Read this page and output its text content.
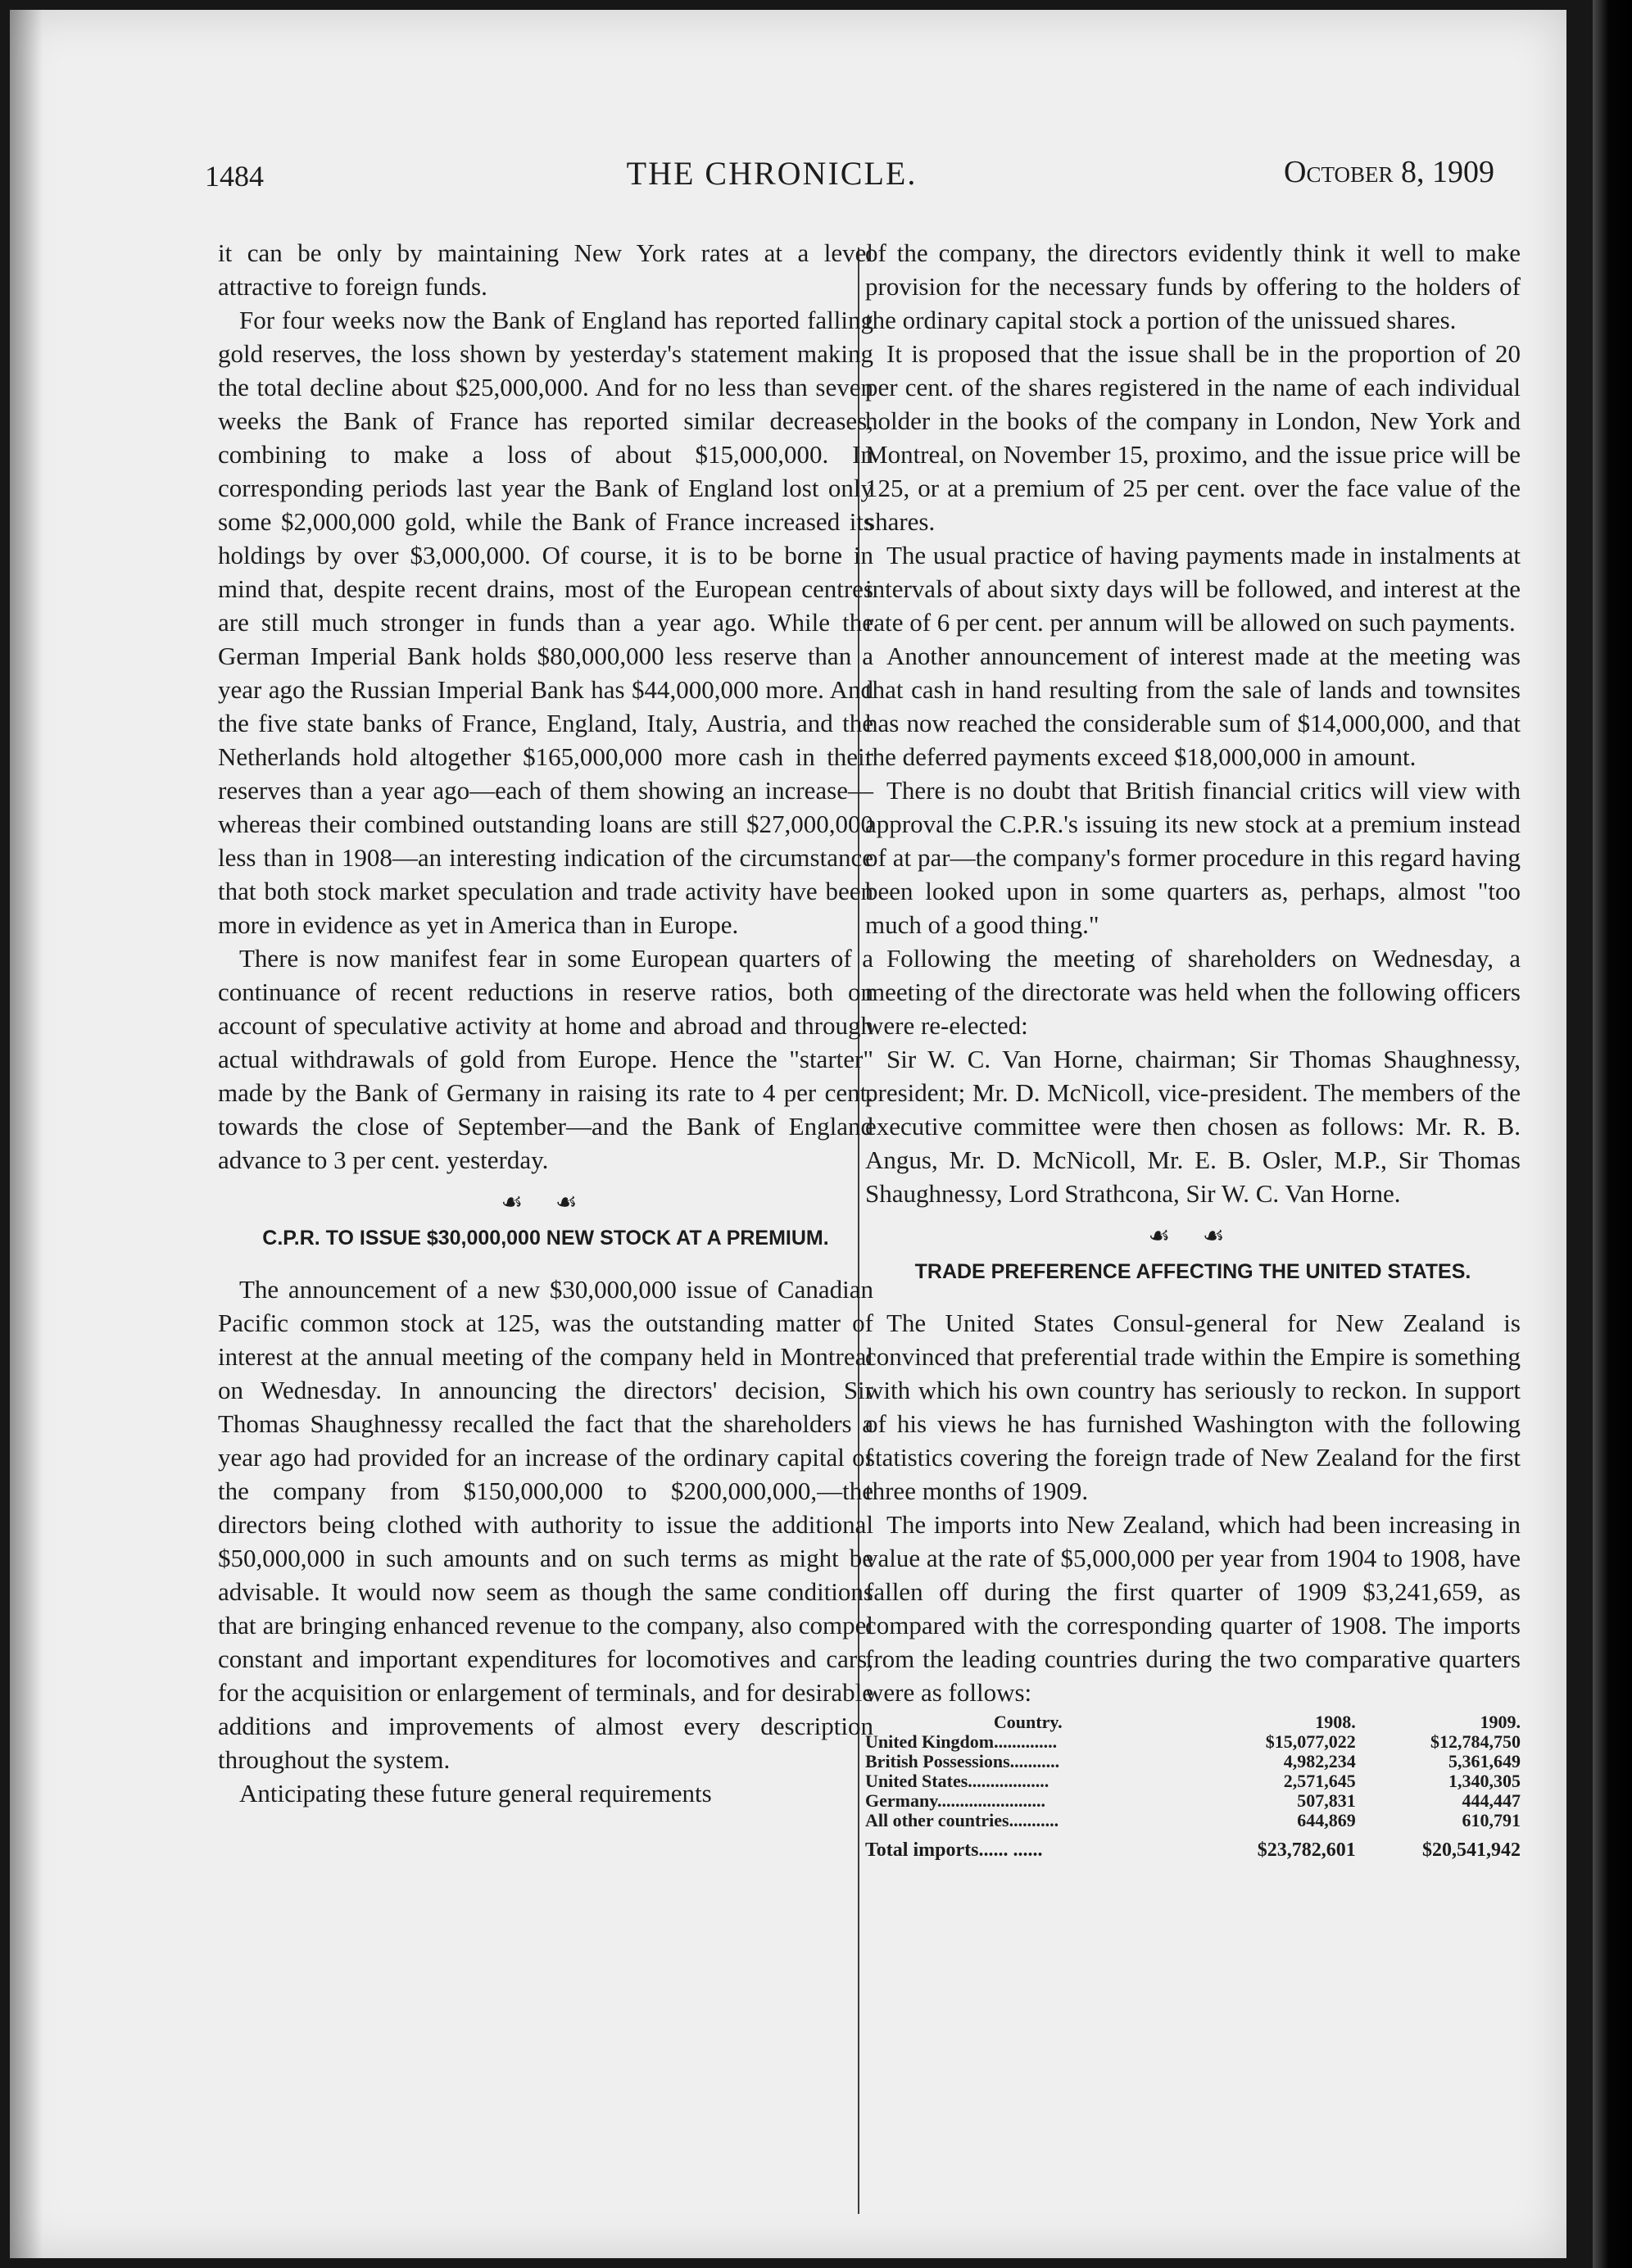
1484	THE CHRONICLE.	October 8, 1909

it can be only by maintaining New York rates at a level attractive to foreign funds.

For four weeks now the Bank of England has reported falling gold reserves, the loss shown by yesterday's statement making the total decline about $25,000,000. And for no less than seven weeks the Bank of France has reported similar decreases, combining to make a loss of about $15,000,000. In corresponding periods last year the Bank of England lost only some $2,000,000 gold, while the Bank of France increased its holdings by over $3,000,000. Of course, it is to be borne in mind that, despite recent drains, most of the European centres are still much stronger in funds than a year ago. While the German Imperial Bank holds $80,000,000 less reserve than a year ago the Russian Imperial Bank has $44,000,000 more. And the five state banks of France, England, Italy, Austria, and the Netherlands hold altogether $165,000,000 more cash in their reserves than a year ago—each of them showing an increase—whereas their combined outstanding loans are still $27,000,000 less than in 1908—an interesting indication of the circumstance that both stock market speculation and trade activity have been more in evidence as yet in America than in Europe.

There is now manifest fear in some European quarters of a continuance of recent reductions in reserve ratios, both on account of speculative activity at home and abroad and through actual withdrawals of gold from Europe. Hence the "starter" made by the Bank of Germany in raising its rate to 4 per cent. towards the close of September—and the Bank of England advance to 3 per cent. yesterday.

☙ ☙
C.P.R. TO ISSUE $30,000,000 NEW STOCK AT A PREMIUM.

The announcement of a new $30,000,000 issue of Canadian Pacific common stock at 125, was the outstanding matter of interest at the annual meeting of the company held in Montreal on Wednesday. In announcing the directors' decision, Sir Thomas Shaughnessy recalled the fact that the shareholders a year ago had provided for an increase of the ordinary capital of the company from $150,000,000 to $200,000,000,—the directors being clothed with authority to issue the additional $50,000,000 in such amounts and on such terms as might be advisable. It would now seem as though the same conditions that are bringing enhanced revenue to the company, also compel constant and important expenditures for locomotives and cars, for the acquisition or enlargement of terminals, and for desirable additions and improvements of almost every description throughout the system.

Anticipating these future general requirements

of the company, the directors evidently think it well to make provision for the necessary funds by offering to the holders of the ordinary capital stock a portion of the unissued shares.

It is proposed that the issue shall be in the proportion of 20 per cent. of the shares registered in the name of each individual holder in the books of the company in London, New York and Montreal, on November 15, proximo, and the issue price will be 125, or at a premium of 25 per cent. over the face value of the shares.

The usual practice of having payments made in instalments at intervals of about sixty days will be followed, and interest at the rate of 6 per cent. per annum will be allowed on such payments.

Another announcement of interest made at the meeting was that cash in hand resulting from the sale of lands and townsites has now reached the considerable sum of $14,000,000, and that the deferred payments exceed $18,000,000 in amount.

There is no doubt that British financial critics will view with approval the C.P.R.'s issuing its new stock at a premium instead of at par—the company's former procedure in this regard having been looked upon in some quarters as, perhaps, almost "too much of a good thing."

Following the meeting of shareholders on Wednesday, a meeting of the directorate was held when the following officers were re-elected:

Sir W. C. Van Horne, chairman; Sir Thomas Shaughnessy, president; Mr. D. McNicoll, vice-president. The members of the executive committee were then chosen as follows: Mr. R. B. Angus, Mr. D. McNicoll, Mr. E. B. Osler, M.P., Sir Thomas Shaughnessy, Lord Strathcona, Sir W. C. Van Horne.

☙ ☙
TRADE PREFERENCE AFFECTING THE UNITED STATES.

The United States Consul-general for New Zealand is convinced that preferential trade within the Empire is something with which his own country has seriously to reckon. In support of his views he has furnished Washington with the following statistics covering the foreign trade of New Zealand for the first three months of 1909.

The imports into New Zealand, which had been increasing in value at the rate of $5,000,000 per year from 1904 to 1908, have fallen off during the first quarter of 1909 $3,241,659, as compared with the corresponding quarter of 1908. The imports from the leading countries during the two comparative quarters were as follows:

Country.	1908.	1909.
United Kingdom..............	$15,077,022	$12,784,750
British Possessions...........	4,982,234	5,361,649
United States..................	2,571,645	1,340,305
Germany........................	507,831	444,447
All other countries...........	644,869	610,791
Total imports...... ......	$23,782,601	$20,541,942
